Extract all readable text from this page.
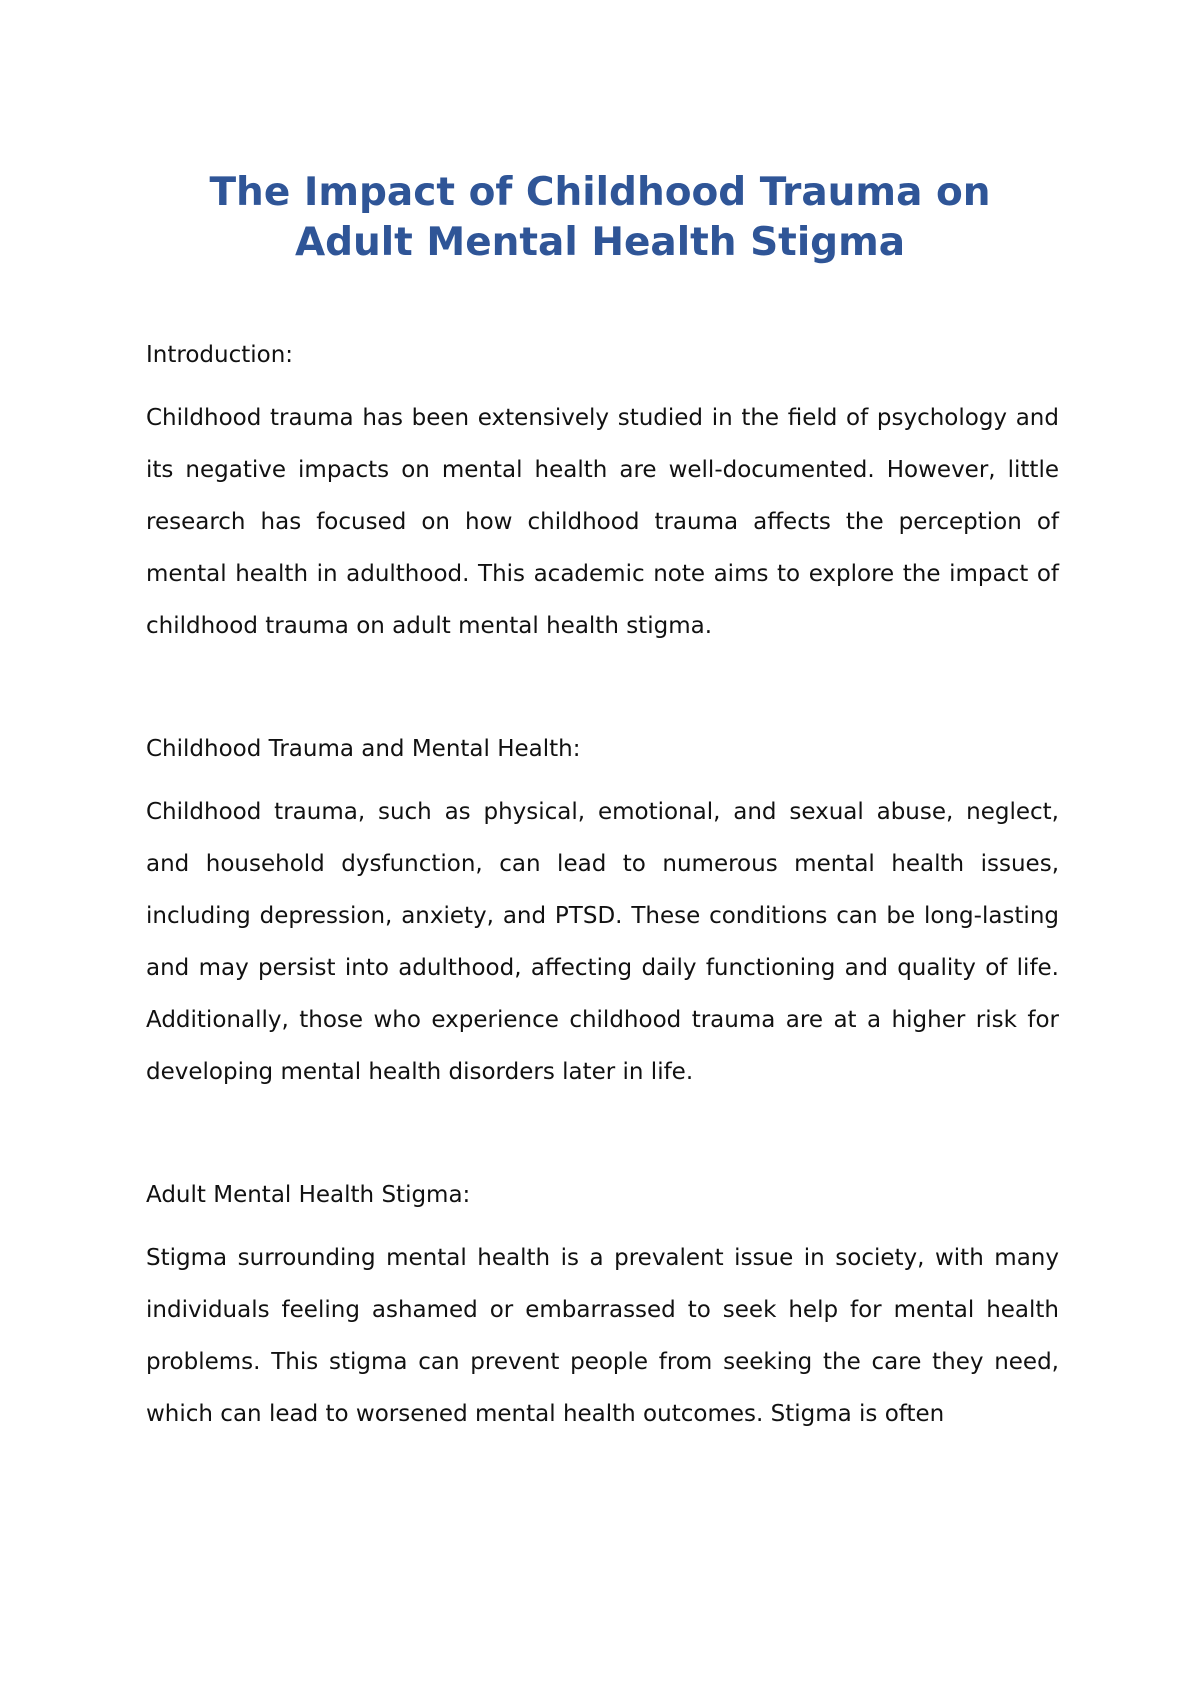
The Impact of Childhood Trauma on
Adult Mental Health Stigma

Introduction:

Childhood trauma has been extensively studied in the field of psychology and its negative impacts on mental health are well-documented. However, little research has focused on how childhood trauma affects the perception of mental health in adulthood. This academic note aims to explore the impact of childhood trauma on adult mental health stigma.

Childhood Trauma and Mental Health:

Childhood trauma, such as physical, emotional, and sexual abuse, neglect, and household dysfunction, can lead to numerous mental health issues, including depression, anxiety, and PTSD. These conditions can be long-lasting and may persist into adulthood, affecting daily functioning and quality of life. Additionally, those who experience childhood trauma are at a higher risk for developing mental health disorders later in life.

Adult Mental Health Stigma:

Stigma surrounding mental health is a prevalent issue in society, with many individuals feeling ashamed or embarrassed to seek help for mental health problems. This stigma can prevent people from seeking the care they need, which can lead to worsened mental health outcomes. Stigma is often
